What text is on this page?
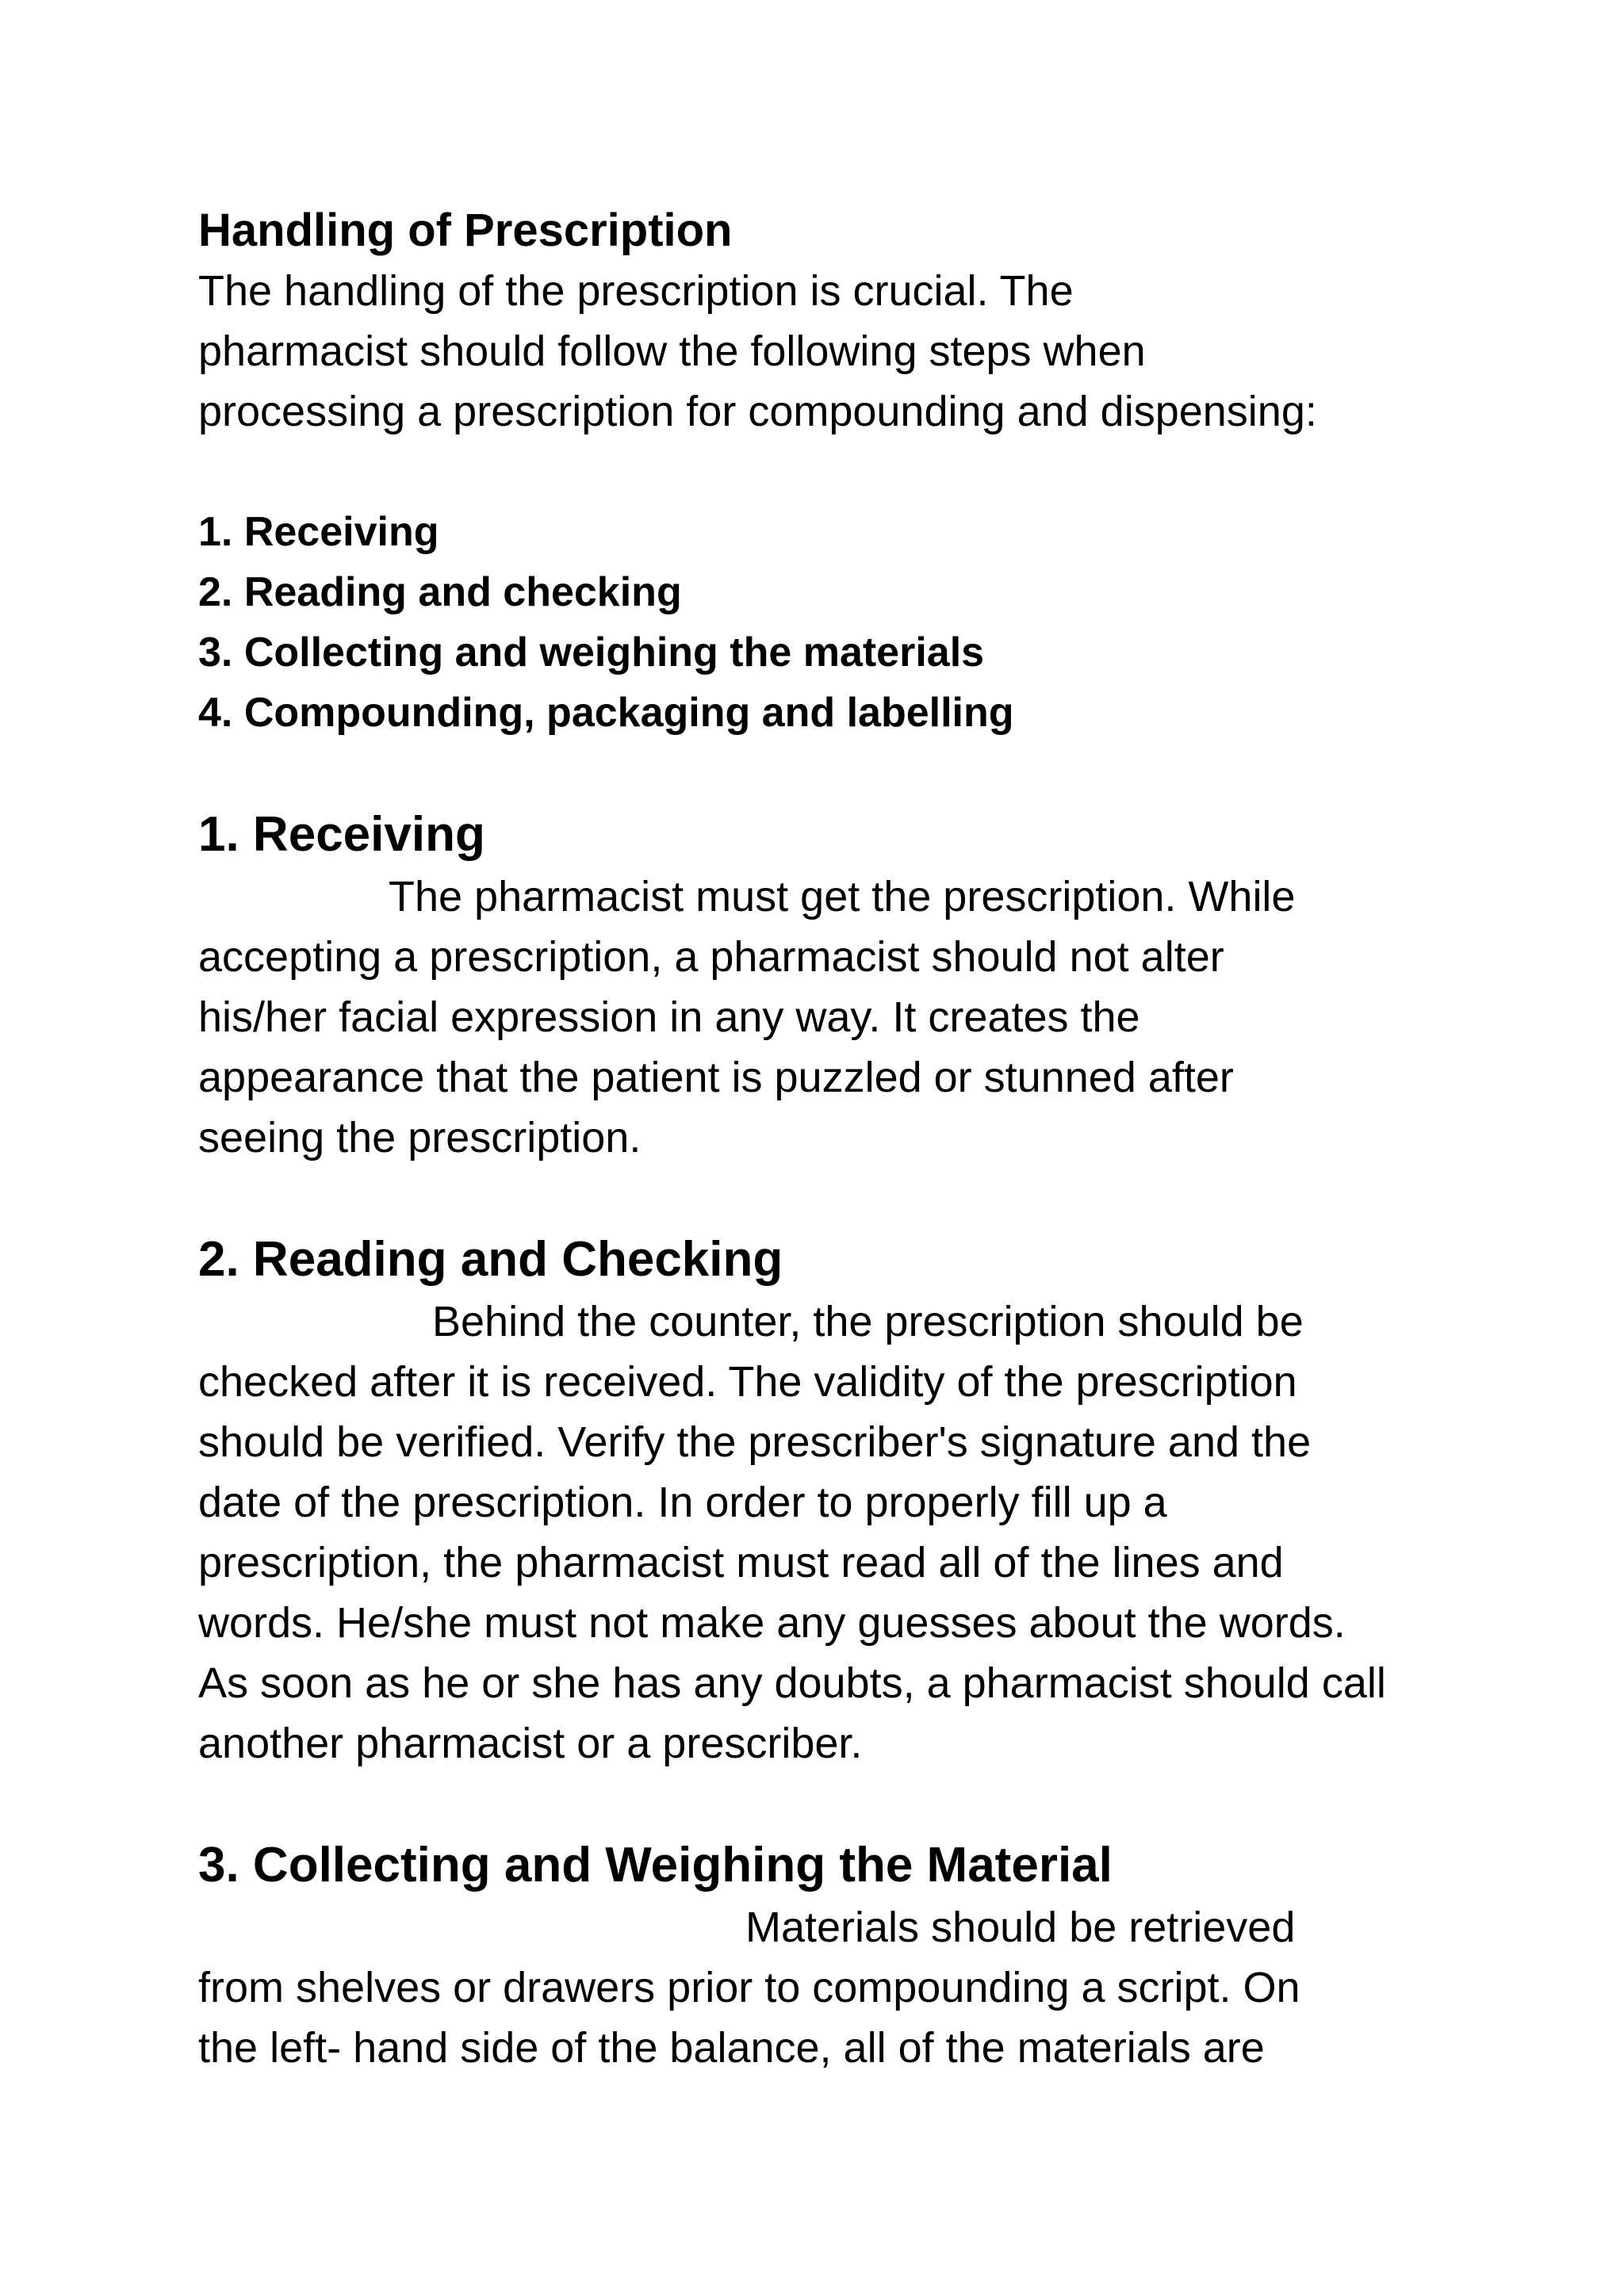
Handling of Prescription

The handling of the prescription is crucial. The
pharmacist should follow the following steps when
processing a prescription for compounding and dispensing:

1. Receiving
2. Reading and checking
3. Collecting and weighing the materials
4. Compounding, packaging and labelling
1. Receiving

The pharmacist must get the prescription. While
accepting a prescription, a pharmacist should not alter
his/her facial expression in any way. It creates the
appearance that the patient is puzzled or stunned after
seeing the prescription.

2. Reading and Checking

Behind the counter, the prescription should be
checked after it is received. The validity of the prescription
should be verified. Verify the prescriber's signature and the
date of the prescription. In order to properly fill up a
prescription, the pharmacist must read all of the lines and
words. He/she must not make any guesses about the words.
As soon as he or she has any doubts, a pharmacist should call
another pharmacist or a prescriber.

3. Collecting and Weighing the Material

Materials should be retrieved
from shelves or drawers prior to compounding a script. On
the left- hand side of the balance, all of the materials are
